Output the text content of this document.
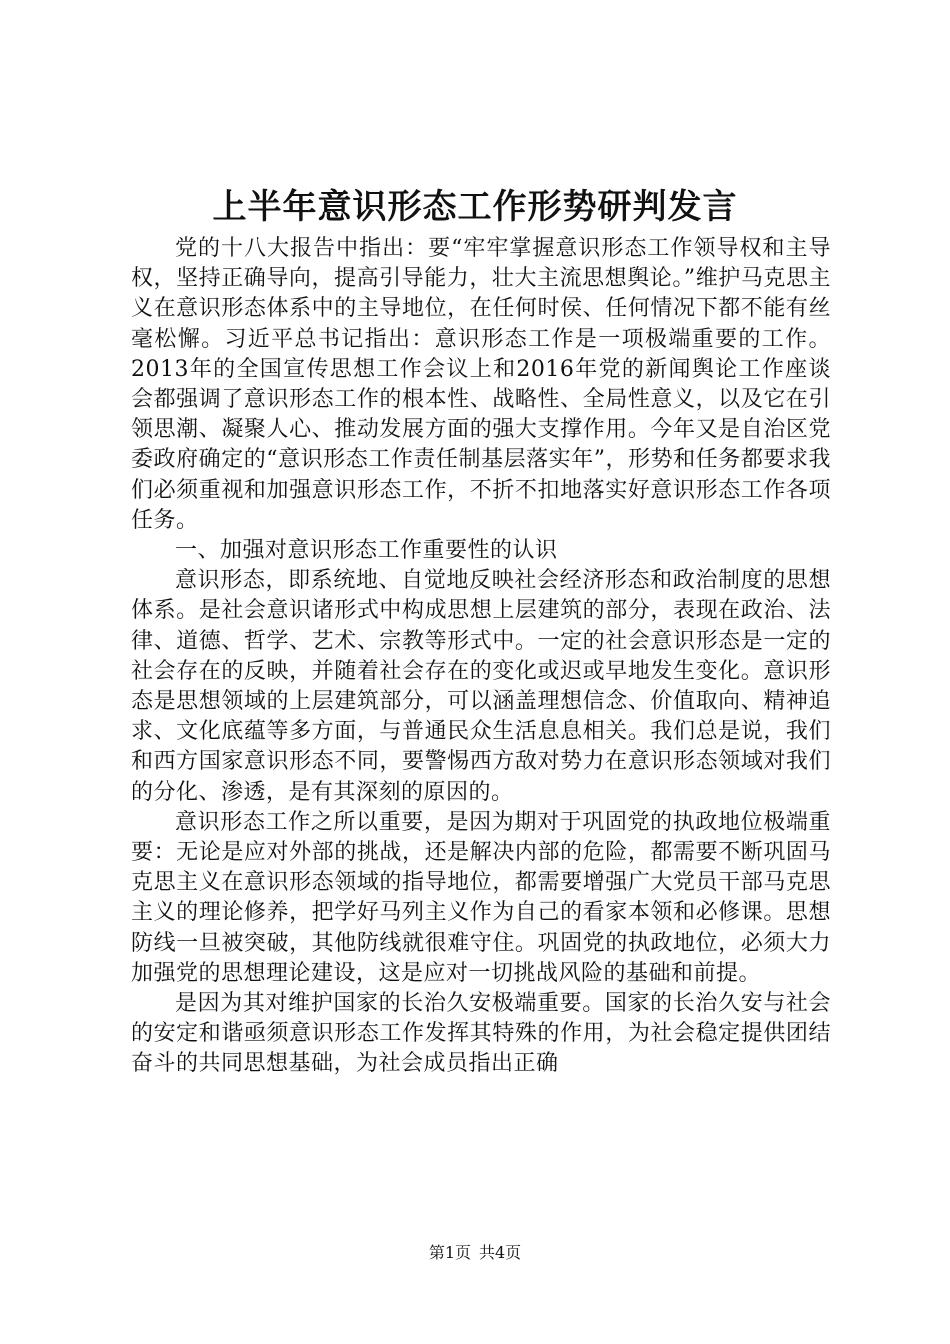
上半年意识形态工作形势研判发言

党的十八大报告中指出：要“牢牢掌握意识形态工作领导权和主导权，坚持正确导向，提高引导能力，壮大主流思想舆论。”维护马克思主义在意识形态体系中的主导地位，在任何时侯、任何情况下都不能有丝毫松懈。习近平总书记指出：意识形态工作是一项极端重要的工作。2013年的全国宣传思想工作会议上和2016年党的新闻舆论工作座谈会都强调了意识形态工作的根本性、战略性、全局性意义，以及它在引领思潮、凝聚人心、推动发展方面的强大支撑作用。今年又是自治区党委政府确定的“意识形态工作责任制基层落实年”，形势和任务都要求我们必须重视和加强意识形态工作，不折不扣地落实好意识形态工作各项任务。

一、加强对意识形态工作重要性的认识

意识形态，即系统地、自觉地反映社会经济形态和政治制度的思想体系。是社会意识诸形式中构成思想上层建筑的部分，表现在政治、法律、道德、哲学、艺术、宗教等形式中。一定的社会意识形态是一定的社会存在的反映，并随着社会存在的变化或迟或早地发生变化。意识形态是思想领域的上层建筑部分，可以涵盖理想信念、价值取向、精神追求、文化底蕴等多方面，与普通民众生活息息相关。我们总是说，我们和西方国家意识形态不同，要警惕西方敌对势力在意识形态领域对我们的分化、渗透，是有其深刻的原因的。

意识形态工作之所以重要，是因为期对于巩固党的执政地位极端重要：无论是应对外部的挑战，还是解决内部的危险，都需要不断巩固马克思主义在意识形态领域的指导地位，都需要增强广大党员干部马克思主义的理论修养，把学好马列主义作为自己的看家本领和必修课。思想防线一旦被突破，其他防线就很难守住。巩固党的执政地位，必须大力加强党的思想理论建设，这是应对一切挑战风险的基础和前提。

是因为其对维护国家的长治久安极端重要。国家的长治久安与社会的安定和谐亟须意识形态工作发挥其特殊的作用，为社会稳定提供团结奋斗的共同思想基础，为社会成员指出正确

第1页 共4页
